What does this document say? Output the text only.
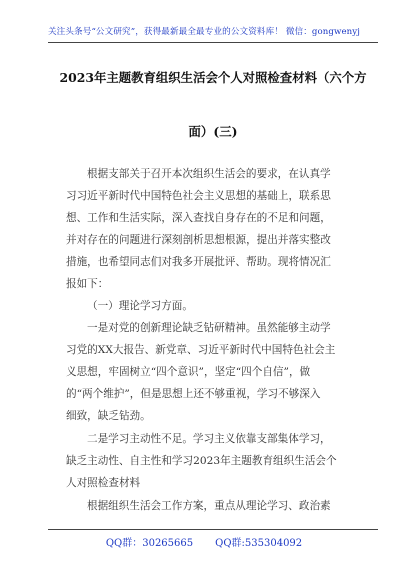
关注头条号“公文研究”，获得最新最全最专业的公文资料库！ 微信：gongwenyj
2023年主题教育组织生活会个人对照检查材料（六个方
面）(三)
根据支部关于召开本次组织生活会的要求，在认真学
习习近平新时代中国特色社会主义思想的基础上，联系思
想、工作和生活实际，深入查找自身存在的不足和问题，
并对存在的问题进行深刻剖析思想根源，提出并落实整改
措施，也希望同志们对我多开展批评、帮助。现将情况汇
报如下：
（一）理论学习方面。
一是对党的创新理论缺乏钻研精神。虽然能够主动学
习党的XX大报告、新党章、习近平新时代中国特色社会主
义思想，牢固树立“四个意识”，坚定“四个自信”，做
的“两个维护”，但是思想上还不够重视，学习不够深入
细致，缺乏钻劲。
二是学习主动性不足。学习主义依靠支部集体学习，
缺乏主动性、自主性和学习2023年主题教育组织生活会个
人对照检查材料
根据组织生活会工作方案，重点从理论学习、政治素
QQ群：30265665 QQ群:535304092
